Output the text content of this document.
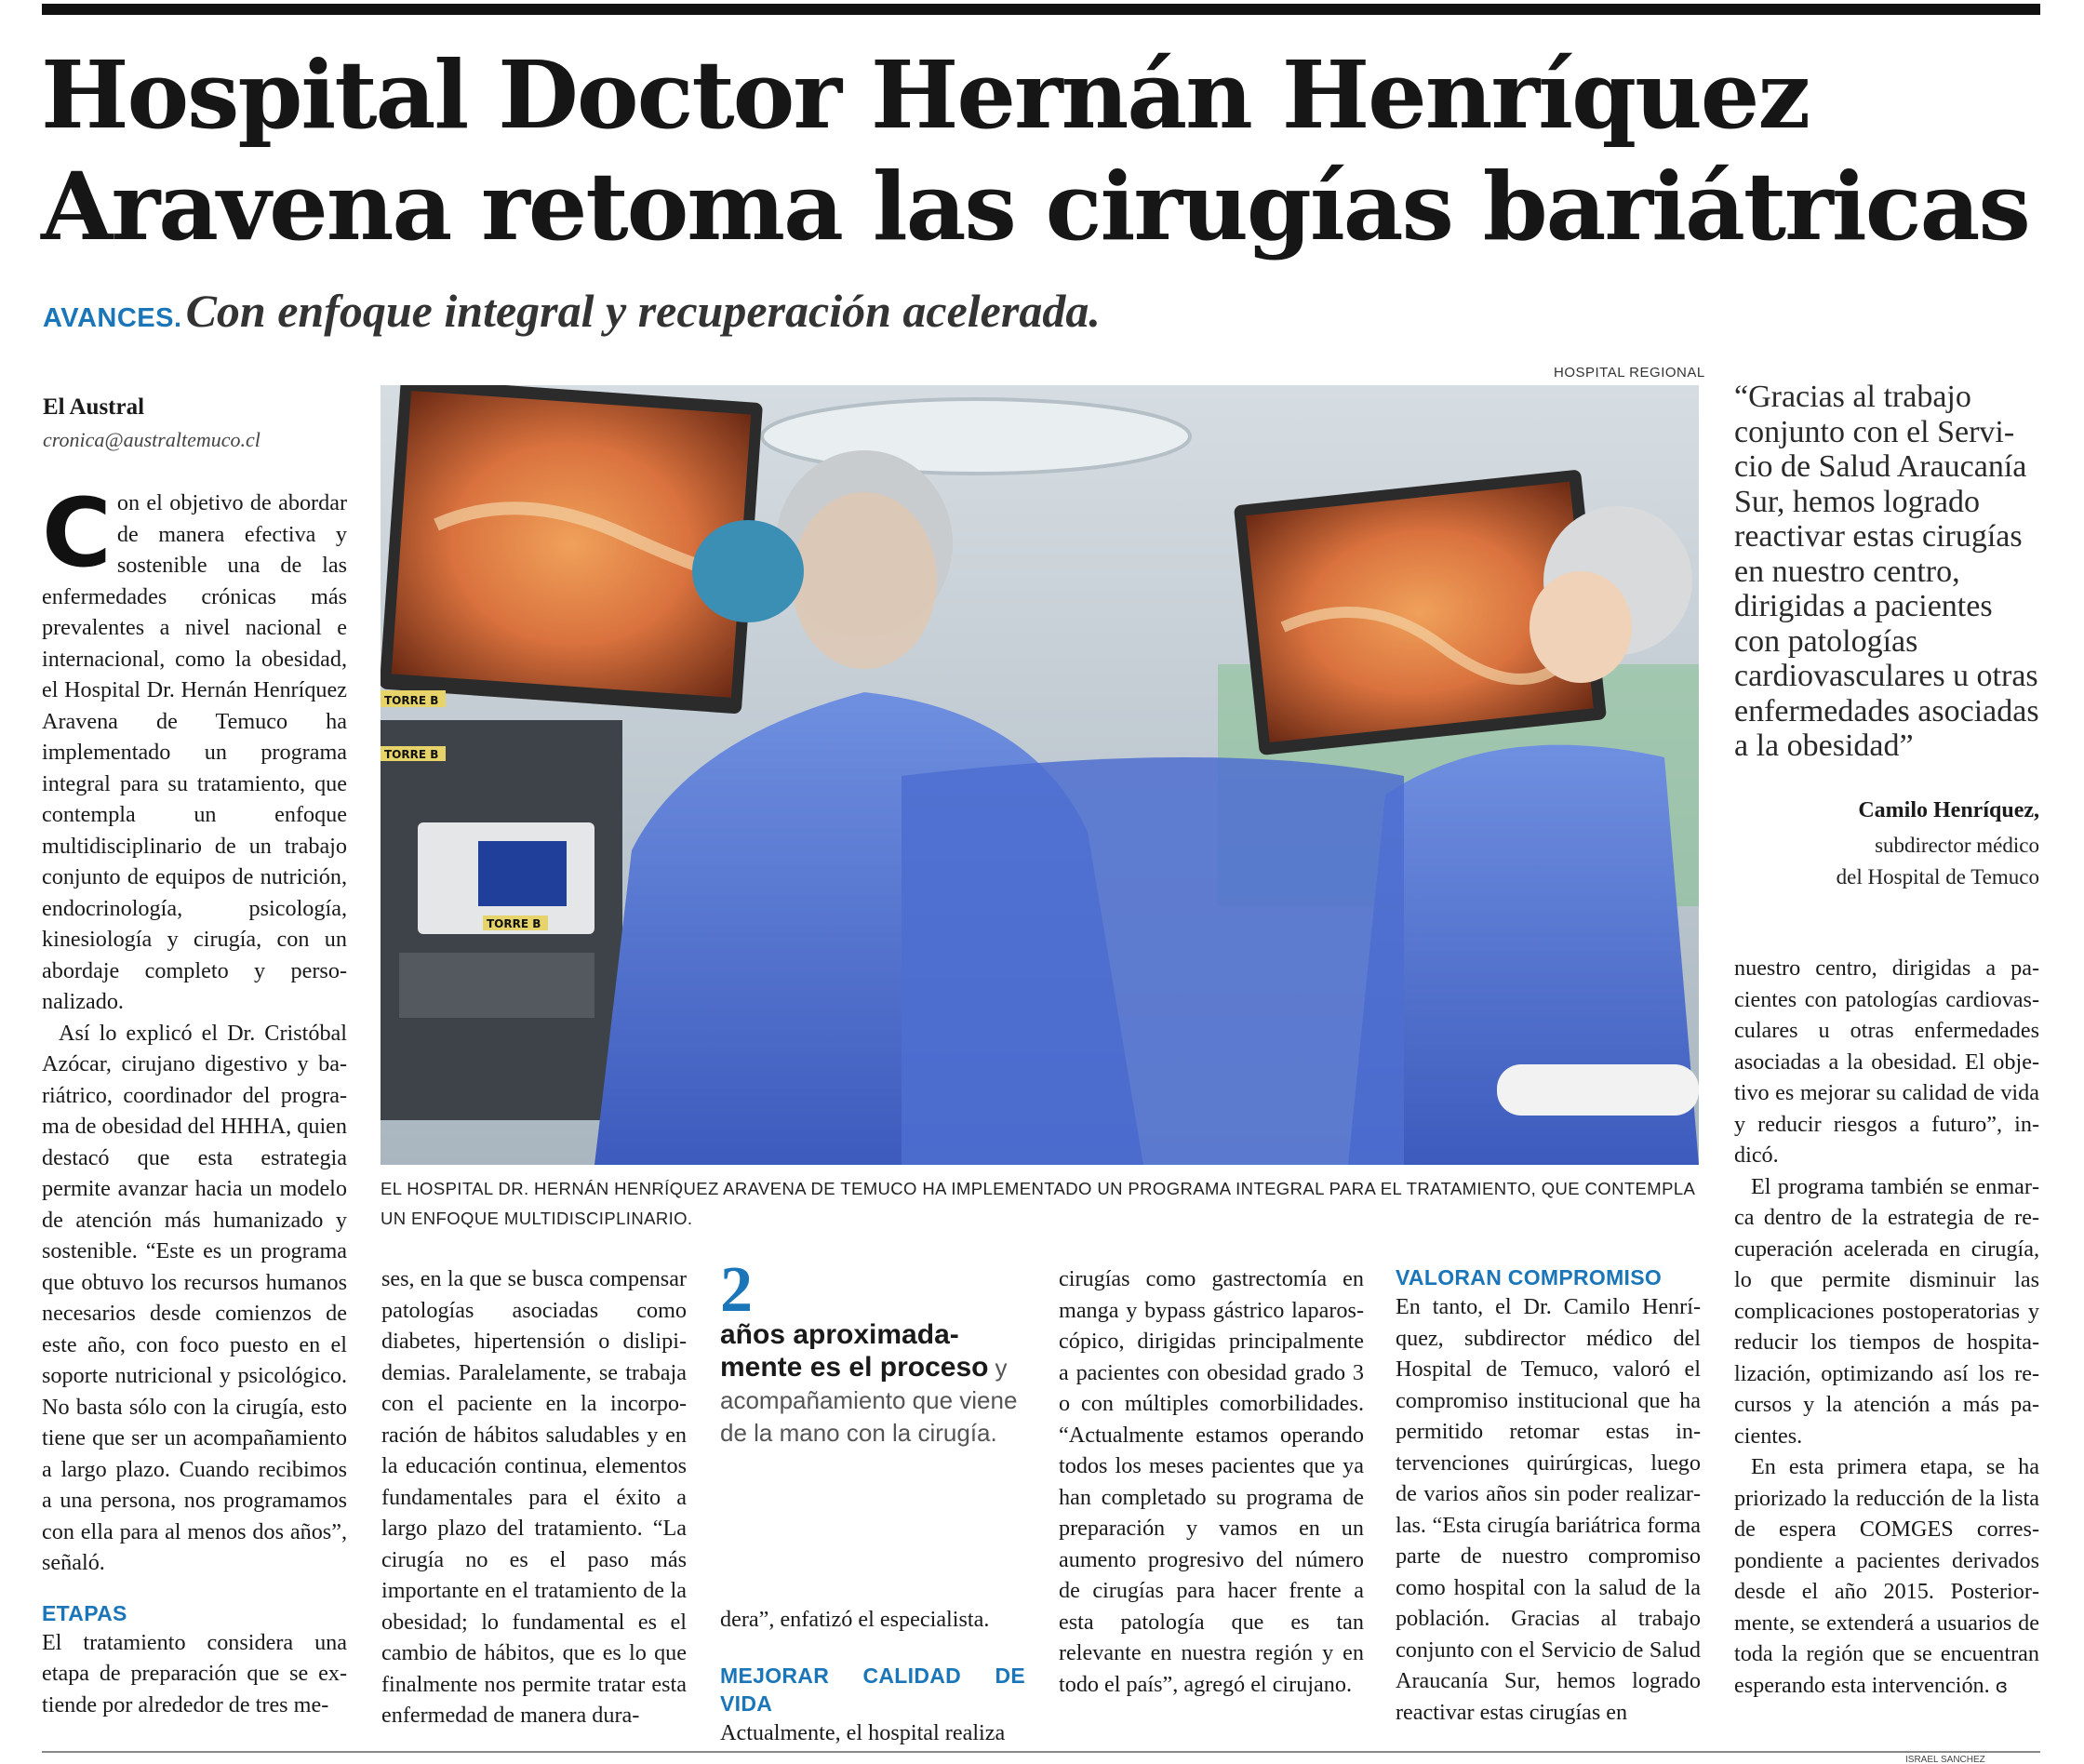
Hospital Doctor Hernán Henríquez
Aravena retoma las cirugías bariátricas
AVANCES. Con enfoque integral y recuperación acelerada.
El Austral
cronica@australtemuco.cl

Con el objetivo de abordar de manera efectiva y sostenible una de las enfermedades crónicas más prevalentes a nivel nacional e internacional, como la obesidad, el Hospital Dr. Hernán Henríquez Aravena de Temuco ha implementado un programa integral para su tratamiento, que contempla un enfoque multidisciplinario de un trabajo conjunto de equipos de nutrición, endocrinología, psicología, kinesiología y cirugía, con un abordaje completo y personalizado.

Así lo explicó el Dr. Cristóbal Azócar, cirujano digestivo y bariátrico, coordinador del programa de obesidad del HHHA, quien destacó que esta estrategia permite avanzar hacia un modelo de atención más humanizado y sostenible. “Este es un programa que obtuvo los recursos humanos necesarios desde comienzos de este año, con foco puesto en el soporte nutricional y psicológico. No basta sólo con la cirugía, esto tiene que ser un acompañamiento a largo plazo. Cuando recibimos a una persona, nos programamos con ella para al menos dos años”, señaló.

ETAPAS

El tratamiento considera una etapa de preparación que se extiende por alrededor de tres me-

HOSPITAL REGIONAL
TORRE B
TORRE B
TORRE B
EL HOSPITAL DR. HERNÁN HENRÍQUEZ ARAVENA DE TEMUCO HA IMPLEMENTADO UN PROGRAMA INTEGRAL PARA EL TRATAMIENTO, QUE CONTEMPLA UN ENFOQUE MULTIDISCIPLINARIO.
“Gracias al trabajo conjunto con el Servicio de Salud Araucanía Sur, hemos logrado reactivar estas cirugías en nuestro centro, dirigidas a pacientes con patologías cardiovasculares u otras enfermedades asociadas a la obesidad”
Camilo Henríquez,
subdirector médico
del Hospital de Temuco

ses, en la que se busca compensar patologías asociadas como diabetes, hipertensión o dislipidemias. Paralelamente, se trabaja con el paciente en la incorporación de hábitos saludables y en la educación continua, elementos fundamentales para el éxito a largo plazo del tratamiento. “La cirugía no es el paso más importante en el tratamiento de la obesidad; lo fundamental es el cambio de hábitos, que es lo que finalmente nos permite tratar esta enfermedad de manera dura-

2
años aproximadamente es el proceso y acompañamiento que viene de la mano con la cirugía.

dera”, enfatizó el especialista.

MEJORAR CALIDAD DE VIDA

Actualmente, el hospital realiza

cirugías como gastrectomía en manga y bypass gástrico laparoscópico, dirigidas principalmente a pacientes con obesidad grado 3 o con múltiples comorbilidades. “Actualmente estamos operando todos los meses pacientes que ya han completado su programa de preparación y vamos en un aumento progresivo del número de cirugías para hacer frente a esta patología que es tan relevante en nuestra región y en todo el país”, agregó el cirujano.

VALORAN COMPROMISO

En tanto, el Dr. Camilo Henríquez, subdirector médico del Hospital de Temuco, valoró el compromiso institucional que ha permitido retomar estas intervenciones quirúrgicas, luego de varios años sin poder realizarlas. “Esta cirugía bariátrica forma parte de nuestro compromiso como hospital con la salud de la población. Gracias al trabajo conjunto con el Servicio de Salud Araucanía Sur, hemos logrado reactivar estas cirugías en

nuestro centro, dirigidas a pacientes con patologías cardiovasculares u otras enfermedades asociadas a la obesidad. El objetivo es mejorar su calidad de vida y reducir riesgos a futuro”, indicó.

El programa también se enmarca dentro de la estrategia de recuperación acelerada en cirugía, lo que permite disminuir las complicaciones postoperatorias y reducir los tiempos de hospitalización, optimizando así los recursos y la atención a más pacientes.

En esta primera etapa, se ha priorizado la reducción de la lista de espera COMGES correspondiente a pacientes derivados desde el año 2015. Posteriormente, se extenderá a usuarios de toda la región que se encuentran esperando esta intervención. ɞ

ISRAEL SANCHEZ
